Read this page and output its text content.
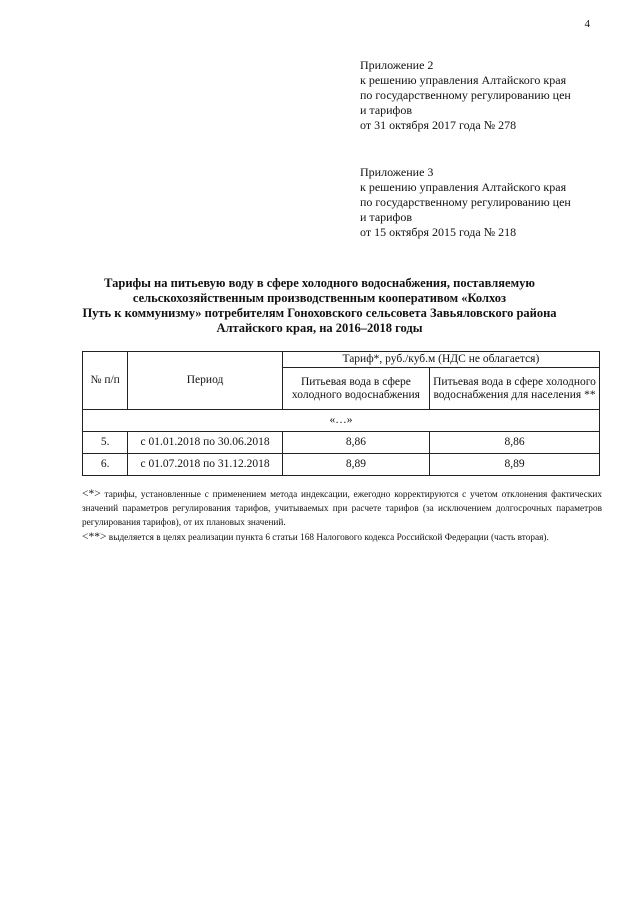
4
Приложение 2
к решению управления Алтайского края
по государственному регулированию цен
и тарифов
от 31 октября 2017 года № 278
Приложение 3
к решению управления Алтайского края
по государственному регулированию цен
и тарифов
от 15 октября 2015 года № 218
Тарифы на питьевую воду в сфере холодного водоснабжения, поставляемую
сельскохозяйственным производственным кооперативом «Колхоз
Путь к коммунизму» потребителям Гоноховского сельсовета Завьяловского района
Алтайского края, на 2016–2018 годы
№ п/п	Период	Тариф*, руб./куб.м (НДС не облагается)	
		Питьевая вода в сфере холодного водоснабжения	Питьевая вода в сфере холодного водоснабжения для населения **
«…»			
5.	с 01.01.2018 по 30.06.2018	8,86	8,86
6.	с 01.07.2018 по 31.12.2018	8,89	8,89

<*> тарифы, установленные с применением метода индексации, ежегодно корректируются с учетом отклонения фактических значений параметров регулирования тарифов, учитываемых при расчете тарифов (за исключением долгосрочных параметров регулирования тарифов), от их плановых значений.

<**> выделяется в целях реализации пункта 6 статьи 168 Налогового кодекса Российской Федерации (часть вторая).
